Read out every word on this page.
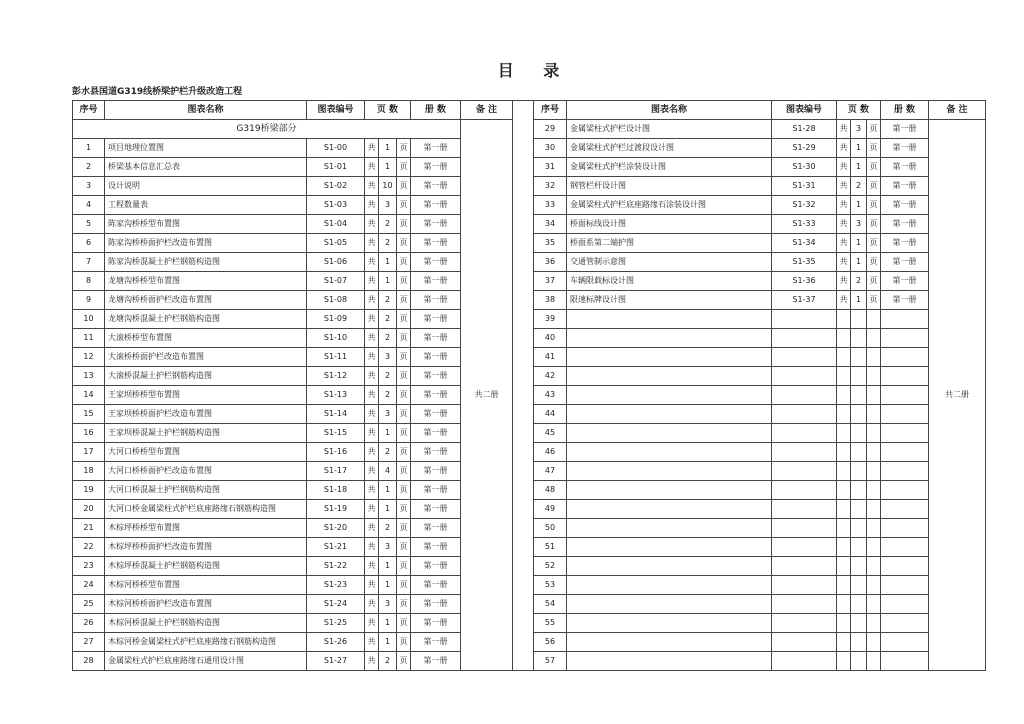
目 录
彭水县国道G319线桥梁护栏升级改造工程
序号	图表名称	图表编号	页 数			册 数	备 注		序号	图表名称	图表编号	页 数			册 数	备 注
G319桥梁部分							共二册		29	金属梁柱式护栏设计图	S1-28	共	3	页	第一册	共二册
1	项目地理位置图	S1-00	共	1	页	第一册			30	金属梁柱式护栏过渡段设计图	S1-29	共	1	页	第一册	
2	桥梁基本信息汇总表	S1-01	共	1	页	第一册			31	金属梁柱式护栏涂装设计图	S1-30	共	1	页	第一册	
3	设计说明	S1-02	共	10	页	第一册			32	钢管栏杆设计图	S1-31	共	2	页	第一册	
4	工程数量表	S1-03	共	3	页	第一册			33	金属梁柱式护栏底座路缘石涂装设计图	S1-32	共	1	页	第一册	
5	陈家沟桥桥型布置图	S1-04	共	2	页	第一册			34	桥面标线设计图	S1-33	共	3	页	第一册	
6	陈家沟桥桥面护栏改造布置图	S1-05	共	2	页	第一册			35	桥面系第二端护图	S1-34	共	1	页	第一册	
7	陈家沟桥混凝土护栏钢筋构造图	S1-06	共	1	页	第一册			36	交通管制示意图	S1-35	共	1	页	第一册	
8	龙塘沟桥桥型布置图	S1-07	共	1	页	第一册			37	车辆限载标设计图	S1-36	共	2	页	第一册	
9	龙塘沟桥桥面护栏改造布置图	S1-08	共	2	页	第一册			38	限速标牌设计图	S1-37	共	1	页	第一册	
10	龙塘沟桥混凝土护栏钢筋构造图	S1-09	共	2	页	第一册			39							
11	大滚桥桥型布置图	S1-10	共	2	页	第一册			40							
12	大滚桥桥面护栏改造布置图	S1-11	共	3	页	第一册			41							
13	大滚桥混凝土护栏钢筋构造图	S1-12	共	2	页	第一册			42							
14	王家坝桥桥型布置图	S1-13	共	2	页	第一册			43							
15	王家坝桥桥面护栏改造布置图	S1-14	共	3	页	第一册			44							
16	王家坝桥混凝土护栏钢筋构造图	S1-15	共	1	页	第一册			45							
17	大河口桥桥型布置图	S1-16	共	2	页	第一册			46							
18	大河口桥桥面护栏改造布置图	S1-17	共	4	页	第一册			47							
19	大河口桥混凝土护栏钢筋构造图	S1-18	共	1	页	第一册			48							
20	大河口桥金属梁柱式护栏底座路缘石钢筋构造图	S1-19	共	1	页	第一册			49							
21	木棕坪桥桥型布置图	S1-20	共	2	页	第一册			50							
22	木棕坪桥桥面护栏改造布置图	S1-21	共	3	页	第一册			51							
23	木棕坪桥混凝土护栏钢筋构造图	S1-22	共	1	页	第一册			52							
24	木棕河桥桥型布置图	S1-23	共	1	页	第一册			53							
25	木棕河桥桥面护栏改造布置图	S1-24	共	3	页	第一册			54							
26	木棕河桥混凝土护栏钢筋构造图	S1-25	共	1	页	第一册			55							
27	木棕河桥金属梁柱式护栏底座路缘石钢筋构造图	S1-26	共	1	页	第一册			56							
28	金属梁柱式护栏底座路缘石通用设计图	S1-27	共	2	页	第一册			57							
